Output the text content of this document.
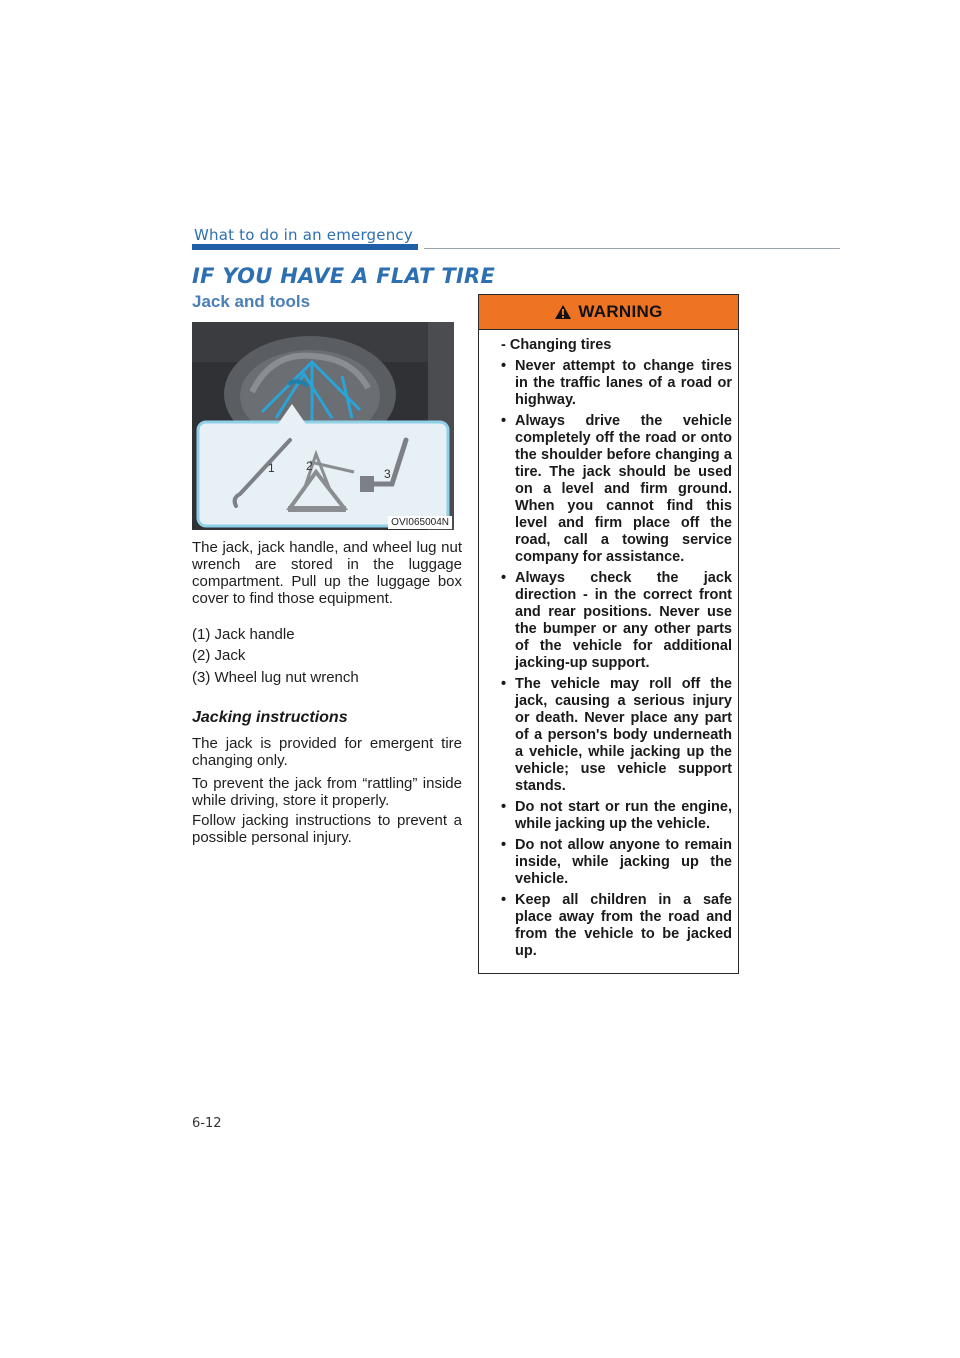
What to do in an emergency
IF YOU HAVE A FLAT TIRE
Jack and tools
1	2
3
OVI065004N
The jack, jack handle, and wheel lug nut wrench are stored in the luggage compartment. Pull up the luggage box cover to find those equipment.
(1) Jack handle
(2) Jack
(3) Wheel lug nut wrench
Jacking instructions
The jack is provided for emergent tire changing only.
To prevent the jack from “rattling” inside while driving, store it properly.
Follow jacking instructions to prevent a possible personal injury.
WARNING
- Changing tires
• Never attempt to change tires in the traffic lanes of a road or highway.
• Always drive the vehicle completely off the road or onto the shoulder before changing a tire. The jack should be used on a level and firm ground. When you cannot find this level and firm place off the road, call a towing service company for assistance.
• Always check the jack direction - in the correct front and rear positions. Never use the bumper or any other parts of the vehicle for additional jacking-up support.
• The vehicle may roll off the jack, causing a serious injury or death. Never place any part of a person's body underneath a vehicle, while jacking up the vehicle; use vehicle support stands.
• Do not start or run the engine, while jacking up the vehicle.
• Do not allow anyone to remain inside, while jacking up the vehicle.
• Keep all children in a safe place away from the road and from the vehicle to be jacked up.
6-12
